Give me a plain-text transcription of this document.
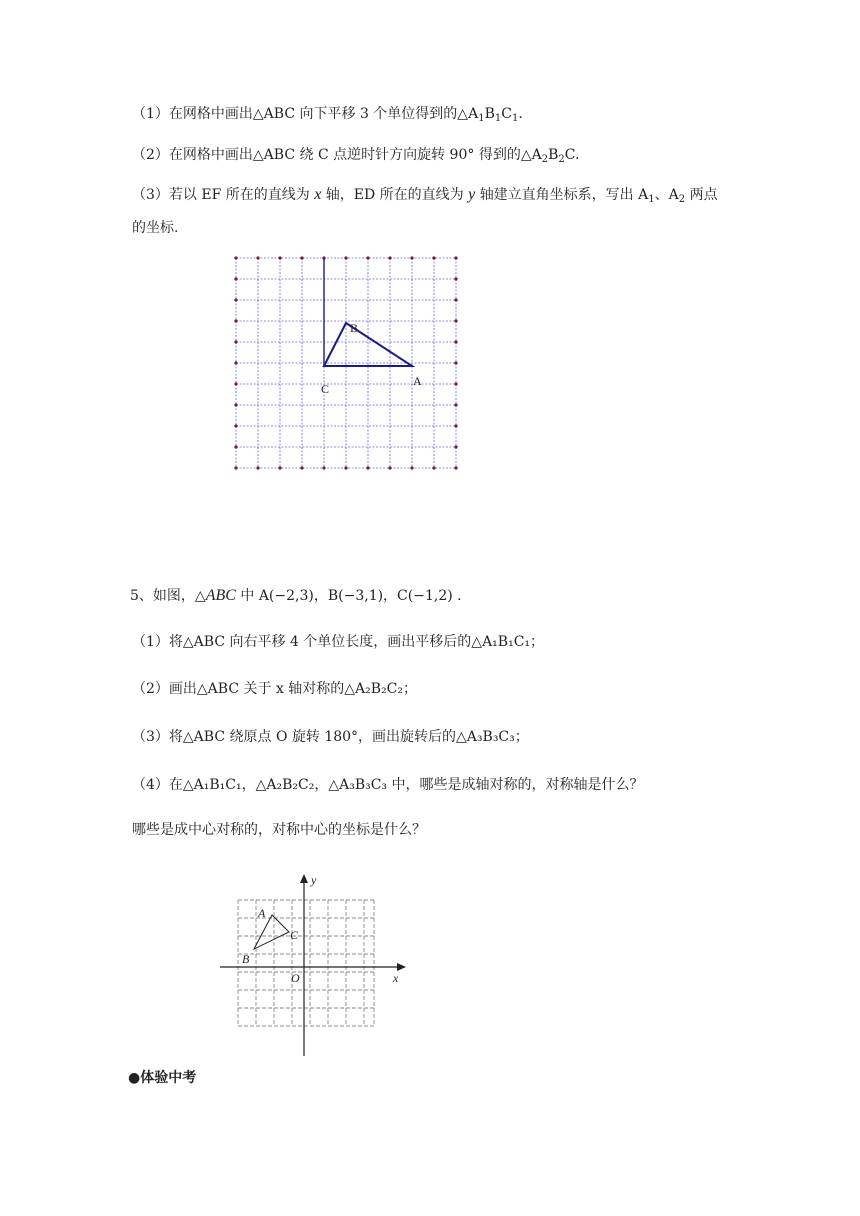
（1）在网格中画出△ABC 向下平移 3 个单位得到的$\triangle A_1B_1C_1$.
（2）在网格中画出△ABC 绕 C 点逆时针方向旋转 90° 得到的$\triangle A_2B_2C$.
（3）若以 EF 所在的直线为 x 轴，ED 所在的直线为 y 轴建立直角坐标系，写出 $A_1$、$A_2$ 两点
的坐标.
B
A
C
5、如图，△ABC 中 A(−2,3)，B(−3,1)，C(−1,2) .
（1）将△ABC 向右平移 4 个单位长度，画出平移后的△A₁B₁C₁；
（2）画出△ABC 关于 x 轴对称的△A₂B₂C₂；
（3）将△ABC 绕原点 O 旋转 180°，画出旋转后的△A₃B₃C₃；
（4）在△A₁B₁C₁，△A₂B₂C₂，△A₃B₃C₃ 中，哪些是成轴对称的，对称轴是什么？
哪些是成中心对称的，对称中心的坐标是什么？
y
x
O
A
B
C
●体验中考
